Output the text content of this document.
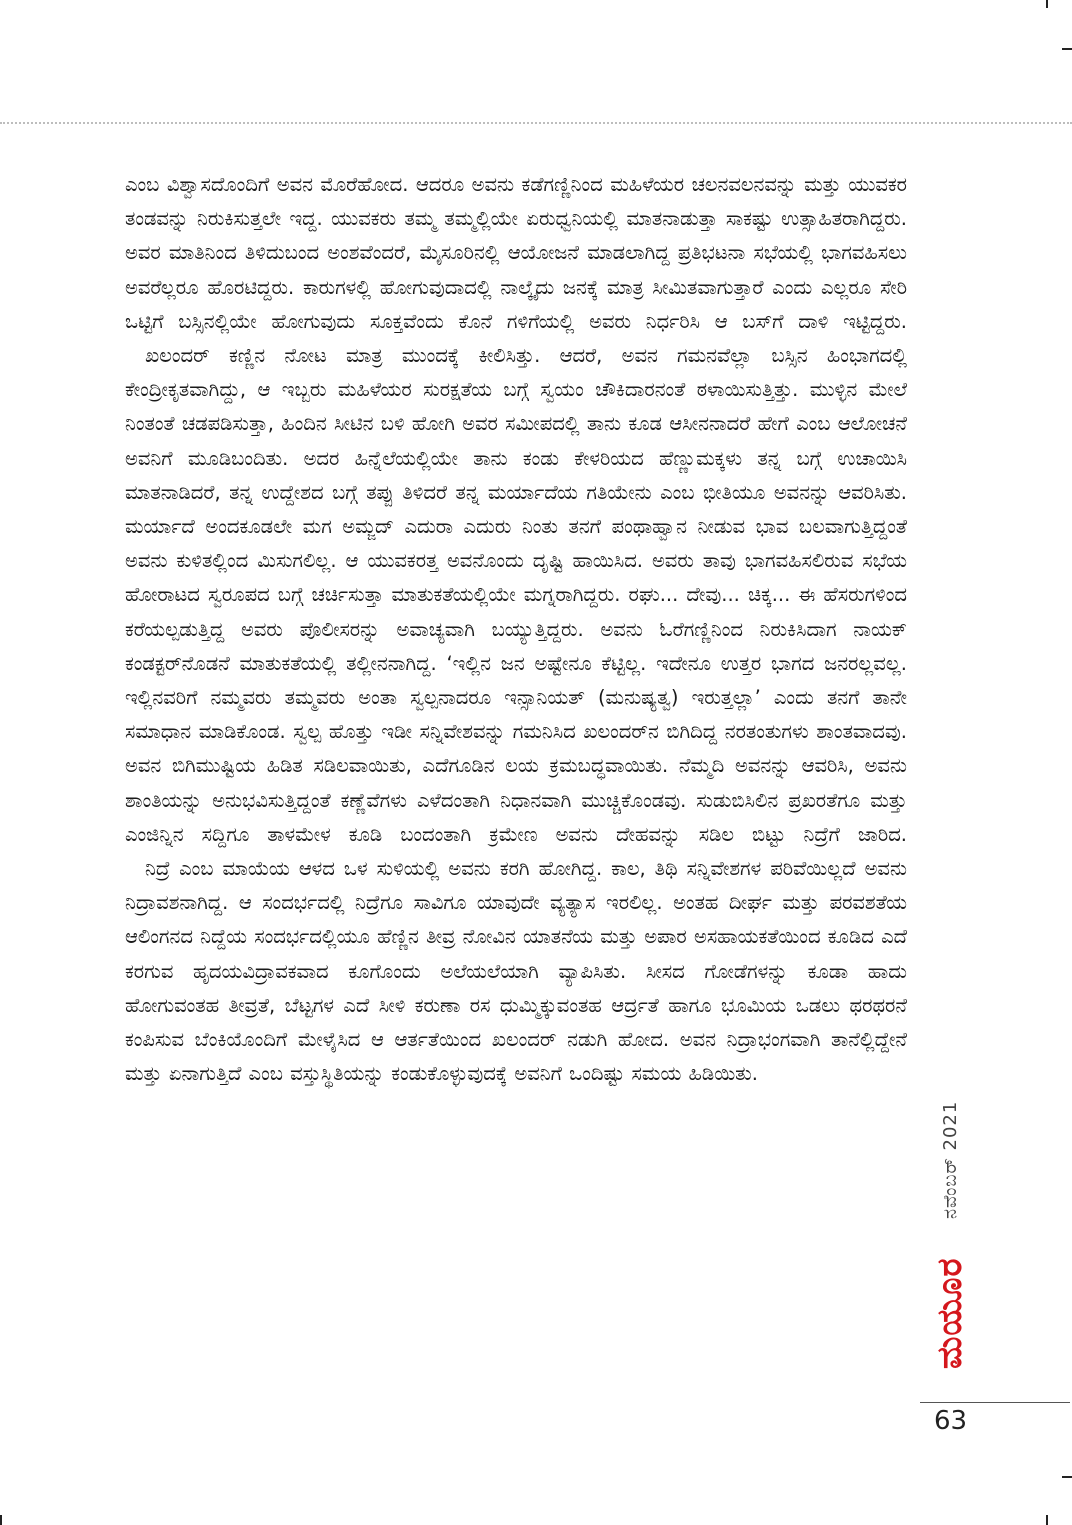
ಎಂಬ ವಿಶ್ವಾಸದೊಂದಿಗೆ ಅವನ ಮೊರೆಹೋದ. ಆದರೂ ಅವನು ಕಡೆಗಣ್ಣಿನಿಂದ ಮಹಿಳೆಯರ ಚಲನವಲನವನ್ನು ಮತ್ತು ಯುವಕರ ತಂಡವನ್ನು ನಿರುಕಿಸುತ್ತಲೇ ಇದ್ದ. ಯುವಕರು ತಮ್ಮ ತಮ್ಮಲ್ಲಿಯೇ ಏರುಧ್ವನಿಯಲ್ಲಿ ಮಾತನಾಡುತ್ತಾ ಸಾಕಷ್ಟು ಉತ್ಸಾಹಿತರಾಗಿದ್ದರು. ಅವರ ಮಾತಿನಿಂದ ತಿಳಿದುಬಂದ ಅಂಶವೆಂದರೆ, ಮೈಸೂರಿನಲ್ಲಿ ಆಯೋಜನೆ ಮಾಡಲಾಗಿದ್ದ ಪ್ರತಿಭಟನಾ ಸಭೆಯಲ್ಲಿ ಭಾಗವಹಿಸಲು ಅವರೆಲ್ಲರೂ ಹೊರಟಿದ್ದರು. ಕಾರುಗಳಲ್ಲಿ ಹೋಗುವುದಾದಲ್ಲಿ ನಾಲ್ಕೈದು ಜನಕ್ಕೆ ಮಾತ್ರ ಸೀಮಿತವಾಗುತ್ತಾರೆ ಎಂದು ಎಲ್ಲರೂ ಸೇರಿ ಒಟ್ಟಿಗೆ ಬಸ್ಸಿನಲ್ಲಿಯೇ ಹೋಗುವುದು ಸೂಕ್ತವೆಂದು ಕೊನೆ ಗಳಿಗೆಯಲ್ಲಿ ಅವರು ನಿರ್ಧರಿಸಿ ಆ ಬಸ್‌ಗೆ ದಾಳಿ ಇಟ್ಟಿದ್ದರು.

ಖಲಂದರ್ ಕಣ್ಣಿನ ನೋಟ ಮಾತ್ರ ಮುಂದಕ್ಕೆ ಕೀಲಿಸಿತ್ತು. ಆದರೆ, ಅವನ ಗಮನವೆಲ್ಲಾ ಬಸ್ಸಿನ ಹಿಂಭಾಗದಲ್ಲಿ ಕೇಂದ್ರೀಕೃತವಾಗಿದ್ದು, ಆ ಇಬ್ಬರು ಮಹಿಳೆಯರ ಸುರಕ್ಷತೆಯ ಬಗ್ಗೆ ಸ್ವಯಂ ಚೌಕಿದಾರನಂತೆ ಠಳಾಯಿಸುತ್ತಿತ್ತು. ಮುಳ್ಳಿನ ಮೇಲೆ ನಿಂತಂತೆ ಚಡಪಡಿಸುತ್ತಾ, ಹಿಂದಿನ ಸೀಟಿನ ಬಳಿ ಹೋಗಿ ಅವರ ಸಮೀಪದಲ್ಲಿ ತಾನು ಕೂಡ ಆಸೀನನಾದರೆ ಹೇಗೆ ಎಂಬ ಆಲೋಚನೆ ಅವನಿಗೆ ಮೂಡಿಬಂದಿತು. ಅದರ ಹಿನ್ನೆಲೆಯಲ್ಲಿಯೇ ತಾನು ಕಂಡು ಕೇಳರಿಯದ ಹೆಣ್ಣುಮಕ್ಕಳು ತನ್ನ ಬಗ್ಗೆ ಉಚಾಯಿಸಿ ಮಾತನಾಡಿದರೆ, ತನ್ನ ಉದ್ದೇಶದ ಬಗ್ಗೆ ತಪ್ಪು ತಿಳಿದರೆ ತನ್ನ ಮರ್ಯಾದೆಯ ಗತಿಯೇನು ಎಂಬ ಭೀತಿಯೂ ಅವನನ್ನು ಆವರಿಸಿತು. ಮರ್ಯಾದೆ ಅಂದಕೂಡಲೇ ಮಗ ಅಮ್ಜದ್ ಎದುರಾ ಎದುರು ನಿಂತು ತನಗೆ ಪಂಥಾಹ್ವಾನ ನೀಡುವ ಭಾವ ಬಲವಾಗುತ್ತಿದ್ದಂತೆ ಅವನು ಕುಳಿತಲ್ಲಿಂದ ಮಿಸುಗಲಿಲ್ಲ. ಆ ಯುವಕರತ್ತ ಅವನೊಂದು ದೃಷ್ಟಿ ಹಾಯಿಸಿದ. ಅವರು ತಾವು ಭಾಗವಹಿಸಲಿರುವ ಸಭೆಯ ಹೋರಾಟದ ಸ್ವರೂಪದ ಬಗ್ಗೆ ಚರ್ಚಿಸುತ್ತಾ ಮಾತುಕತೆಯಲ್ಲಿಯೇ ಮಗ್ನರಾಗಿದ್ದರು. ರಘು... ದೇವು... ಚಿಕ್ಕ... ಈ ಹೆಸರುಗಳಿಂದ ಕರೆಯಲ್ಪಡುತ್ತಿದ್ದ ಅವರು ಪೊಲೀಸರನ್ನು ಅವಾಚ್ಯವಾಗಿ ಬಯ್ಯುತ್ತಿದ್ದರು. ಅವನು ಓರೆಗಣ್ಣಿನಿಂದ ನಿರುಕಿಸಿದಾಗ ನಾಯಕ್ ಕಂಡಕ್ಟರ್‌ನೊಡನೆ ಮಾತುಕತೆಯಲ್ಲಿ ತಲ್ಲೀನನಾಗಿದ್ದ. ‘ಇಲ್ಲಿನ ಜನ ಅಷ್ಟೇನೂ ಕೆಟ್ಟಿಲ್ಲ. ಇದೇನೂ ಉತ್ತರ ಭಾಗದ ಜನರಲ್ಲವಲ್ಲ. ಇಲ್ಲಿನವರಿಗೆ ನಮ್ಮವರು ತಮ್ಮವರು ಅಂತಾ ಸ್ವಲ್ಪನಾದರೂ ಇನ್ಸಾನಿಯತ್ (ಮನುಷ್ಯತ್ವ) ಇರುತ್ತಲ್ಲಾ’ ಎಂದು ತನಗೆ ತಾನೇ ಸಮಾಧಾನ ಮಾಡಿಕೊಂಡ. ಸ್ವಲ್ಪ ಹೊತ್ತು ಇಡೀ ಸನ್ನಿವೇಶವನ್ನು ಗಮನಿಸಿದ ಖಲಂದರ್‌ನ ಬಿಗಿದಿದ್ದ ನರತಂತುಗಳು ಶಾಂತವಾದವು. ಅವನ ಬಿಗಿಮುಷ್ಟಿಯ ಹಿಡಿತ ಸಡಿಲವಾಯಿತು, ಎದೆಗೂಡಿನ ಲಯ ಕ್ರಮಬದ್ಧವಾಯಿತು. ನೆಮ್ಮದಿ ಅವನನ್ನು ಆವರಿಸಿ, ಅವನು ಶಾಂತಿಯನ್ನು ಅನುಭವಿಸುತ್ತಿದ್ದಂತೆ ಕಣ್ಣೆವೆಗಳು ಎಳೆದಂತಾಗಿ ನಿಧಾನವಾಗಿ ಮುಚ್ಚಿಕೊಂಡವು. ಸುಡುಬಿಸಿಲಿನ ಪ್ರಖರತೆಗೂ ಮತ್ತು ಎಂಜಿನ್ನಿನ ಸದ್ದಿಗೂ ತಾಳಮೇಳ ಕೂಡಿ ಬಂದಂತಾಗಿ ಕ್ರಮೇಣ ಅವನು ದೇಹವನ್ನು ಸಡಿಲ ಬಿಟ್ಟು ನಿದ್ರೆಗೆ ಜಾರಿದ.

ನಿದ್ರೆ ಎಂಬ ಮಾಯೆಯ ಆಳದ ಒಳ ಸುಳಿಯಲ್ಲಿ ಅವನು ಕರಗಿ ಹೋಗಿದ್ದ. ಕಾಲ, ತಿಥಿ ಸನ್ನಿವೇಶಗಳ ಪರಿವೆಯಿಲ್ಲದೆ ಅವನು ನಿದ್ರಾವಶನಾಗಿದ್ದ. ಆ ಸಂದರ್ಭದಲ್ಲಿ ನಿದ್ರೆಗೂ ಸಾವಿಗೂ ಯಾವುದೇ ವ್ಯತ್ಯಾಸ ಇರಲಿಲ್ಲ. ಅಂತಹ ದೀರ್ಘ ಮತ್ತು ಪರವಶತೆಯ ಆಲಿಂಗನದ ನಿದ್ದೆಯ ಸಂದರ್ಭದಲ್ಲಿಯೂ ಹೆಣ್ಣಿನ ತೀವ್ರ ನೋವಿನ ಯಾತನೆಯ ಮತ್ತು ಅಪಾರ ಅಸಹಾಯಕತೆಯಿಂದ ಕೂಡಿದ ಎದೆ ಕರಗುವ ಹೃದಯವಿದ್ರಾವಕವಾದ ಕೂಗೊಂದು ಅಲೆಯಲೆಯಾಗಿ ವ್ಯಾಪಿಸಿತು. ಸೀಸದ ಗೋಡೆಗಳನ್ನು ಕೂಡಾ ಹಾದು ಹೋಗುವಂತಹ ತೀವ್ರತೆ, ಬೆಟ್ಟಗಳ ಎದೆ ಸೀಳಿ ಕರುಣಾ ರಸ ಧುಮ್ಮಿಕ್ಕುವಂತಹ ಆರ್ದ್ರತೆ ಹಾಗೂ ಭೂಮಿಯ ಒಡಲು ಥರಥರನೆ ಕಂಪಿಸುವ ಬೆಂಕಿಯೊಂದಿಗೆ ಮೇಳೈಸಿದ ಆ ಆರ್ತತೆಯಿಂದ ಖಲಂದರ್ ನಡುಗಿ ಹೋದ. ಅವನ ನಿದ್ರಾಭಂಗವಾಗಿ ತಾನೆಲ್ಲಿದ್ದೇನೆ ಮತ್ತು ಏನಾಗುತ್ತಿದೆ ಎಂಬ ವಸ್ತುಸ್ಥಿತಿಯನ್ನು ಕಂಡುಕೊಳ್ಳುವುದಕ್ಕೆ ಅವನಿಗೆ ಒಂದಿಷ್ಟು ಸಮಯ ಹಿಡಿಯಿತು.

ನವೆಂಬರ್ 2021
ಮಯೂರ
63
